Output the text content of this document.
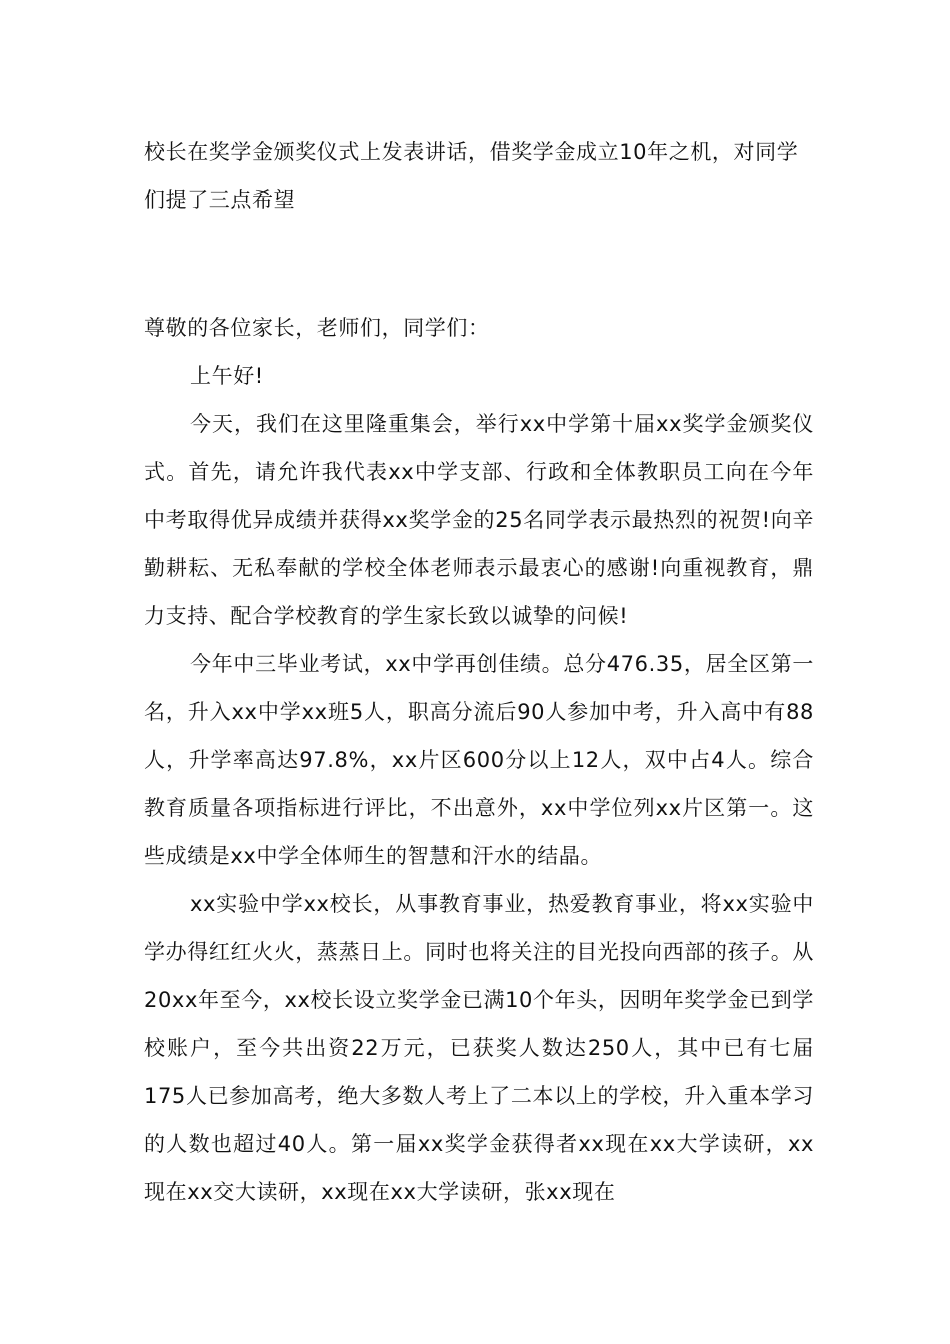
校长在奖学金颁奖仪式上发表讲话，借奖学金成立10年之机，对同学们提了三点希望

尊敬的各位家长，老师们，同学们：

上午好!

今天，我们在这里隆重集会，举行xx中学第十届xx奖学金颁奖仪式。首先，请允许我代表xx中学支部、行政和全体教职员工向在今年中考取得优异成绩并获得xx奖学金的25名同学表示最热烈的祝贺!向辛勤耕耘、无私奉献的学校全体老师表示最衷心的感谢!向重视教育，鼎力支持、配合学校教育的学生家长致以诚挚的问候!

今年中三毕业考试，xx中学再创佳绩。总分476.35，居全区第一名，升入xx中学xx班5人，职高分流后90人参加中考，升入高中有88人，升学率高达97.8%，xx片区600分以上12人，双中占4人。综合教育质量各项指标进行评比，不出意外，xx中学位列xx片区第一。这些成绩是xx中学全体师生的智慧和汗水的结晶。

xx实验中学xx校长，从事教育事业，热爱教育事业，将xx实验中学办得红红火火，蒸蒸日上。同时也将关注的目光投向西部的孩子。从20xx年至今，xx校长设立奖学金已满10个年头，因明年奖学金已到学校账户，至今共出资22万元，已获奖人数达250人，其中已有七届175人已参加高考，绝大多数人考上了二本以上的学校，升入重本学习的人数也超过40人。第一届xx奖学金获得者xx现在xx大学读研，xx现在xx交大读研，xx现在xx大学读研，张xx现在
